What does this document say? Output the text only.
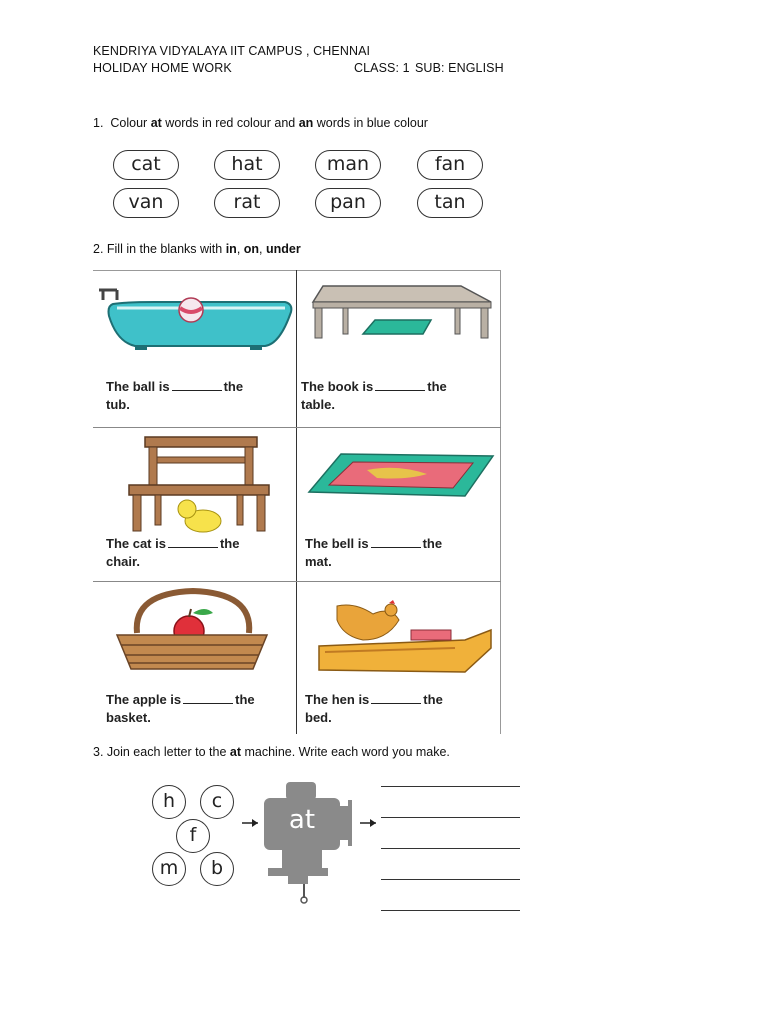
KENDRIYA VIDYALAYA IIT CAMPUS , CHENNAI
HOLIDAY HOME WORK	CLASS: 1 SUB: ENGLISH
1. Colour at words in red colour and an words in blue colour
cat	hat	man	fan
van	rat	pan	tan
2. Fill in the blanks with in, on, under
The ball is	the
tub.
The book is	the
table.
The cat is	the
chair.
The bell is	the
mat.
The apple is	the
basket.
The hen is	the
bed.
3. Join each letter to the at machine. Write each word you make.
h	c
f
m	b
at
